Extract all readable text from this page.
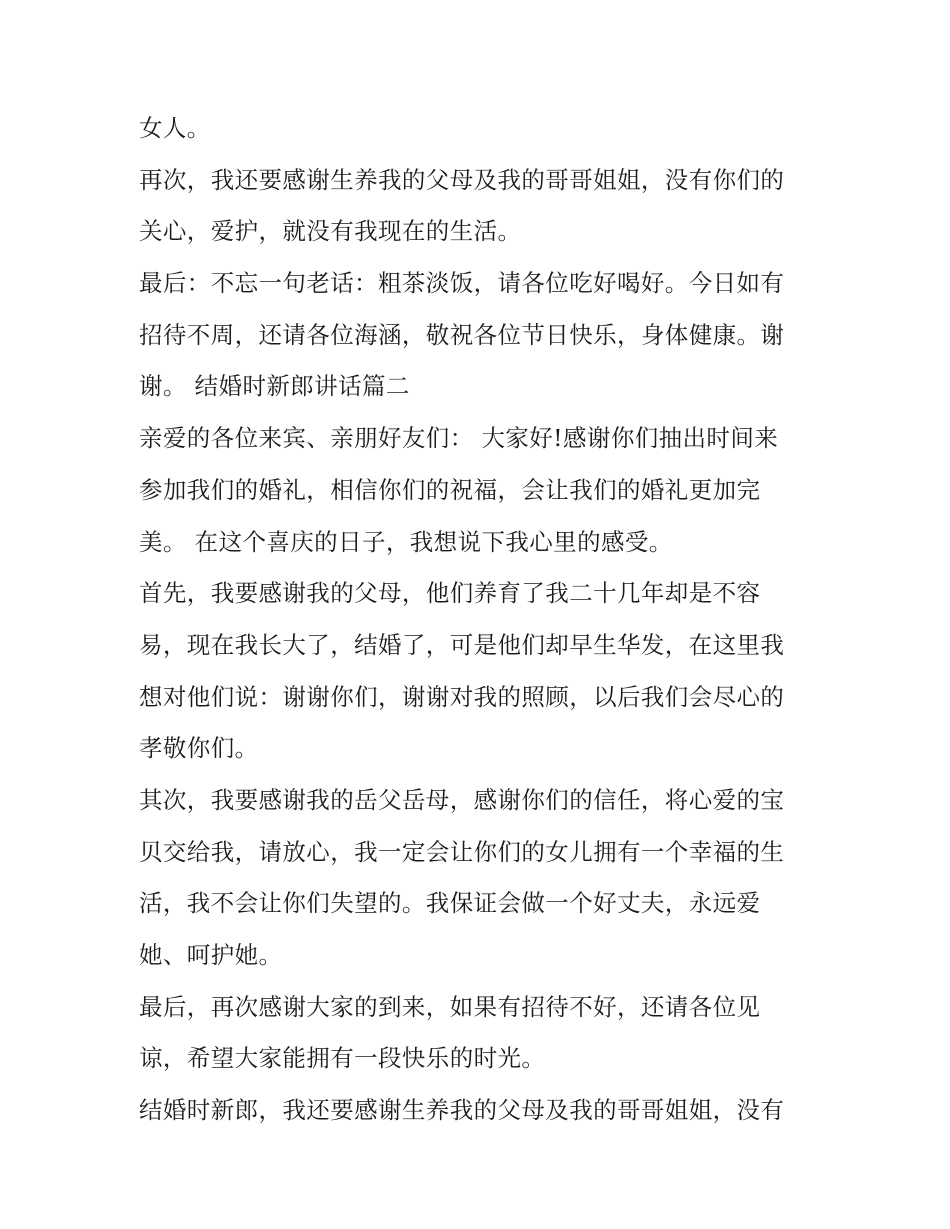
女人。
再次，我还要感谢生养我的父母及我的哥哥姐姐，没有你们的
关心，爱护，就没有我现在的生活。
最后：不忘一句老话：粗茶淡饭，请各位吃好喝好。今日如有
招待不周，还请各位海涵，敬祝各位节日快乐，身体健康。谢
谢。 结婚时新郎讲话篇二
亲爱的各位来宾、亲朋好友们： 大家好!感谢你们抽出时间来
参加我们的婚礼，相信你们的祝福，会让我们的婚礼更加完
美。 在这个喜庆的日子，我想说下我心里的感受。
首先，我要感谢我的父母，他们养育了我二十几年却是不容
易，现在我长大了，结婚了，可是他们却早生华发，在这里我
想对他们说：谢谢你们，谢谢对我的照顾，以后我们会尽心的
孝敬你们。
其次，我要感谢我的岳父岳母，感谢你们的信任，将心爱的宝
贝交给我，请放心，我一定会让你们的女儿拥有一个幸福的生
活，我不会让你们失望的。我保证会做一个好丈夫，永远爱
她、呵护她。
最后，再次感谢大家的到来，如果有招待不好，还请各位见
谅，希望大家能拥有一段快乐的时光。
结婚时新郎，我还要感谢生养我的父母及我的哥哥姐姐，没有
